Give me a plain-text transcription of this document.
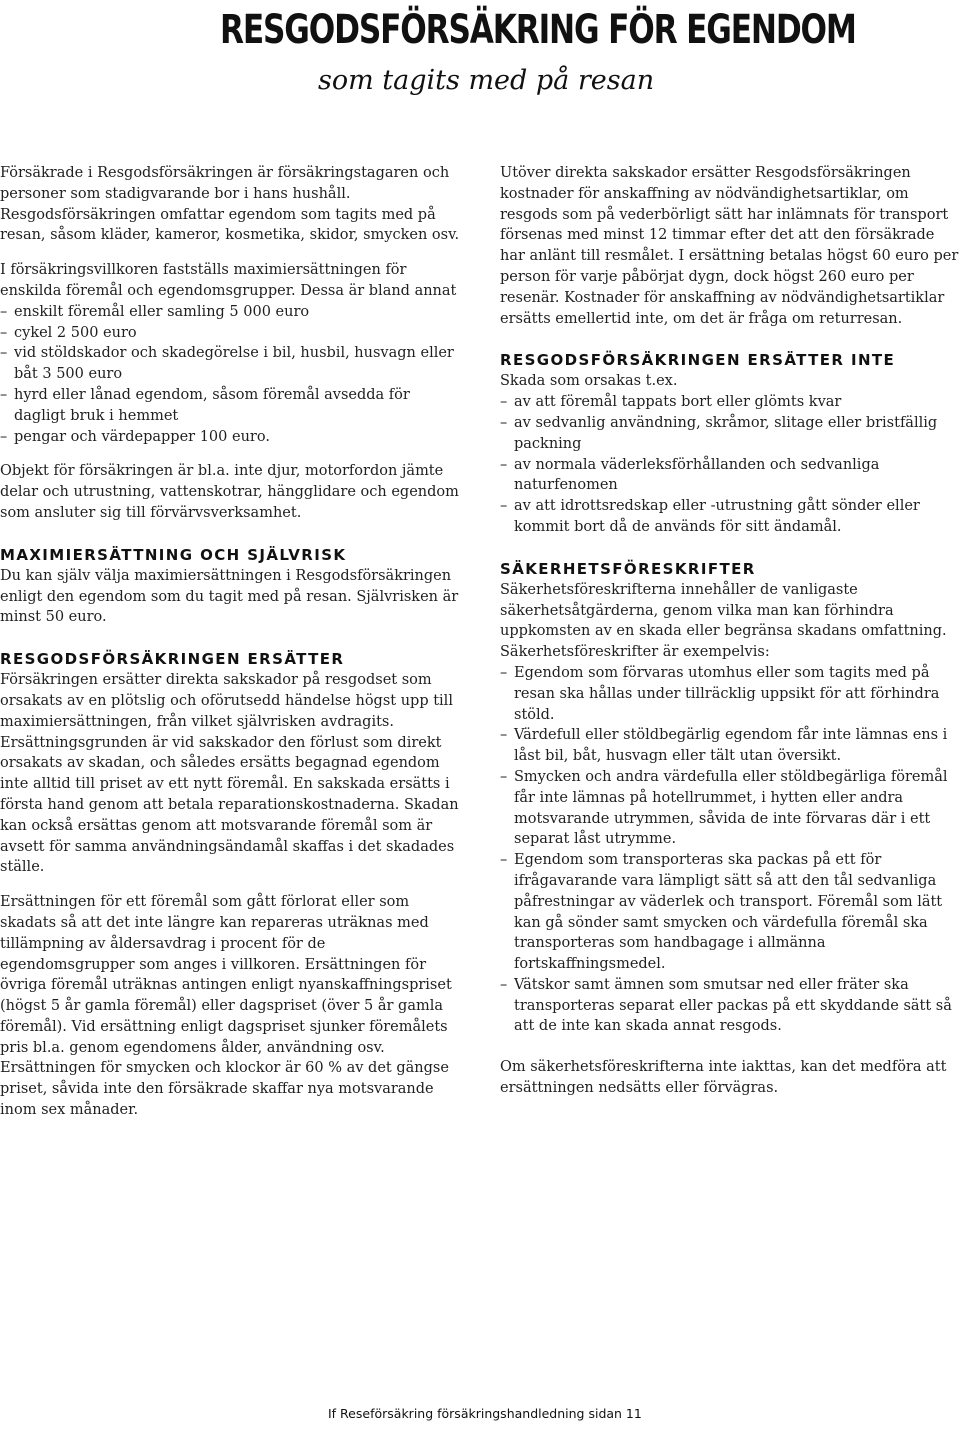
RESGODSFÖRSÄKRING FÖR EGENDOM
som tagits med på resan

Försäkrade i Resgodsförsäkringen är försäkringstagaren och personer som stadigvarande bor i hans hushåll. Resgodsförsäkringen omfattar egendom som tagits med på resan, såsom kläder, kameror, kosmetika, skidor, smycken osv.

I försäkringsvillkoren fastställs maximiersättningen för enskilda föremål och egendomsgrupper. Dessa är bland annat

– enskilt föremål eller samling 5 000 euro
– cykel 2 500 euro
– vid stöldskador och skadegörelse i bil, husbil, husvagn eller båt 3 500 euro
– hyrd eller lånad egendom, såsom föremål avsedda för dagligt bruk i hemmet
– pengar och värdepapper 100 euro.

Objekt för försäkringen är bl.a. inte djur, motorfordon jämte delar och utrustning, vattenskotrar, hängglidare och egendom som ansluter sig till förvärvsverksamhet.

MAXIMIERSÄTTNING OCH SJÄLVRISK

Du kan själv välja maximiersättningen i Resgodsförsäkringen enligt den egendom som du tagit med på resan. Självrisken är minst 50 euro.

RESGODSFÖRSÄKRINGEN ERSÄTTER

Försäkringen ersätter direkta sakskador på resgodset som orsakats av en plötslig och oförutsedd händelse högst upp till maximiersättningen, från vilket självrisken avdragits. Ersättningsgrunden är vid sakskador den förlust som direkt orsakats av skadan, och således ersätts begagnad egendom inte alltid till priset av ett nytt föremål. En sakskada ersätts i första hand genom att betala reparationskostnaderna. Skadan kan också ersättas genom att motsvarande föremål som är avsett för samma användningsändamål skaffas i det skadades ställe.

Ersättningen för ett föremål som gått förlorat eller som skadats så att det inte längre kan repareras uträknas med tillämpning av åldersavdrag i procent för de egendomsgrupper som anges i villkoren. Ersättningen för övriga föremål uträknas antingen enligt nyanskaffningspriset (högst 5 år gamla föremål) eller dagspriset (över 5 år gamla föremål). Vid ersättning enligt dagspriset sjunker föremålets pris bl.a. genom egendomens ålder, användning osv. Ersättningen för smycken och klockor är 60 % av det gängse priset, såvida inte den försäkrade skaffar nya motsvarande inom sex månader.

Utöver direkta sakskador ersätter Resgodsförsäkringen kostnader för anskaffning av nödvändighetsartiklar, om resgods som på vederbörligt sätt har inlämnats för transport försenas med minst 12 timmar efter det att den försäkrade har anlänt till resmålet. I ersättning betalas högst 60 euro per person för varje påbörjat dygn, dock högst 260 euro per resenär. Kostnader för anskaffning av nödvändighetsartiklar ersätts emellertid inte, om det är fråga om returresan.

RESGODSFÖRSÄKRINGEN ERSÄTTER INTE

Skada som orsakas t.ex.

– av att föremål tappats bort eller glömts kvar
– av sedvanlig användning, skråmor, slitage eller bristfällig packning
– av normala väderleksförhållanden och sedvanliga naturfenomen
– av att idrottsredskap eller -utrustning gått sönder eller kommit bort då de används för sitt ändamål.
SÄKERHETSFÖRESKRIFTER

Säkerhetsföreskrifterna innehåller de vanligaste säkerhetsåtgärderna, genom vilka man kan förhindra uppkomsten av en skada eller begränsa skadans omfattning. Säkerhetsföreskrifter är exempelvis:

– Egendom som förvaras utomhus eller som tagits med på resan ska hållas under tillräcklig uppsikt för att förhindra stöld.
– Värdefull eller stöldbegärlig egendom får inte lämnas ens i låst bil, båt, husvagn eller tält utan översikt.
– Smycken och andra värdefulla eller stöldbegärliga föremål får inte lämnas på hotellrummet, i hytten eller andra motsvarande utrymmen, såvida de inte förvaras där i ett separat låst utrymme.
– Egendom som transporteras ska packas på ett för ifrågavarande vara lämpligt sätt så att den tål sedvanliga påfrestningar av väderlek och transport. Föremål som lätt kan gå sönder samt smycken och värdefulla föremål ska transporteras som handbagage i allmänna fortskaffningsmedel.
– Vätskor samt ämnen som smutsar ned eller fräter ska transporteras separat eller packas på ett skyddande sätt så att de inte kan skada annat resgods.

Om säkerhetsföreskrifterna inte iakttas, kan det medföra att ersättningen nedsätts eller förvägras.

If Reseförsäkring försäkringshandledning sidan 11
